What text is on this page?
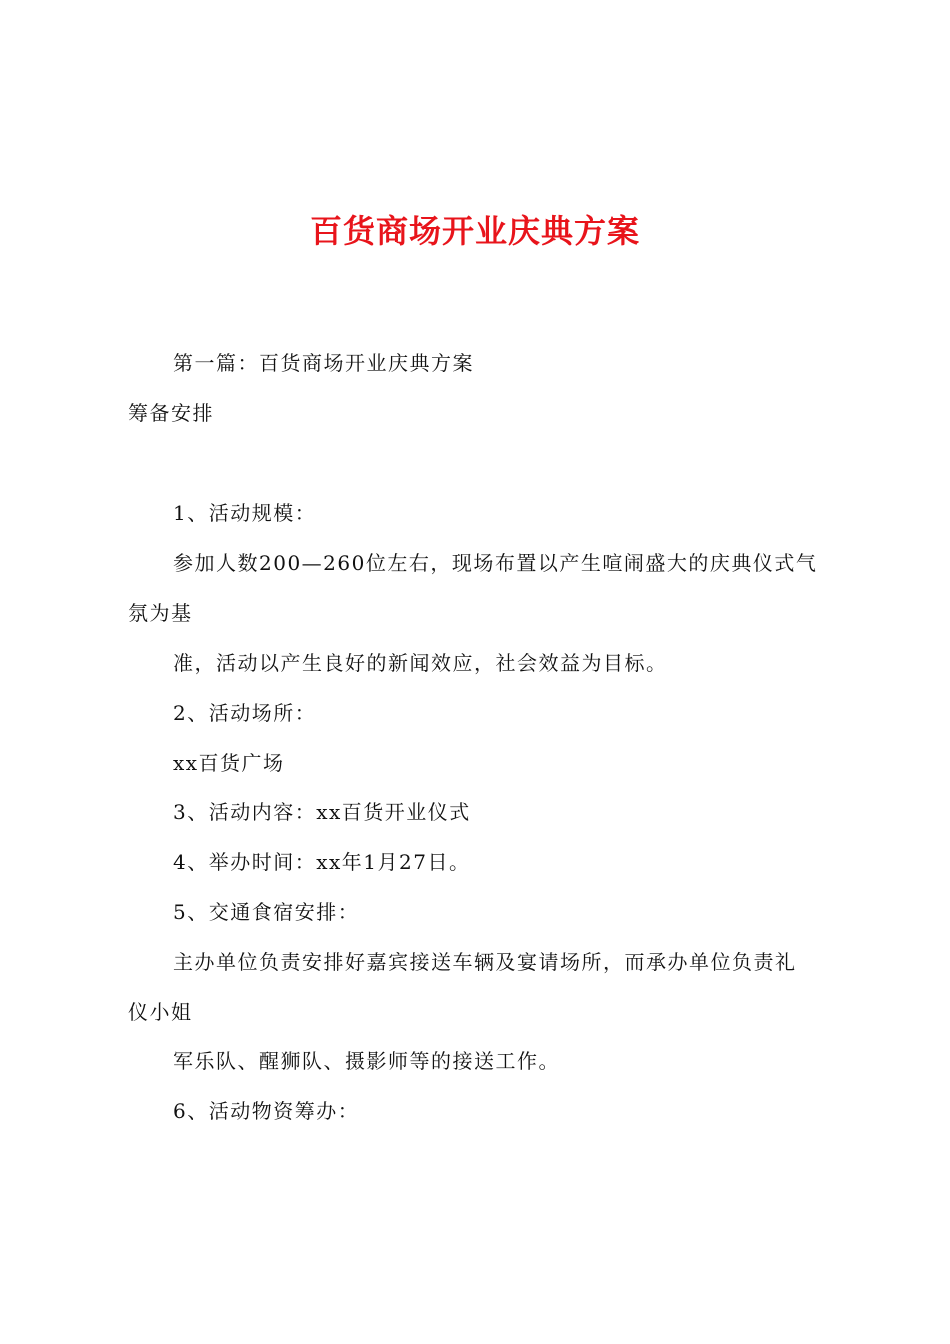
百货商场开业庆典方案
第一篇：百货商场开业庆典方案
筹备安排
1、活动规模：
参加人数200—260位左右，现场布置以产生喧闹盛大的庆典仪式气
氛为基
准，活动以产生良好的新闻效应，社会效益为目标。
2、活动场所：
xx百货广场
3、活动内容：xx百货开业仪式
4、举办时间：xx年1月27日。
5、交通食宿安排：
主办单位负责安排好嘉宾接送车辆及宴请场所，而承办单位负责礼
仪小姐
军乐队、醒狮队、摄影师等的接送工作。
6、活动物资筹办：
